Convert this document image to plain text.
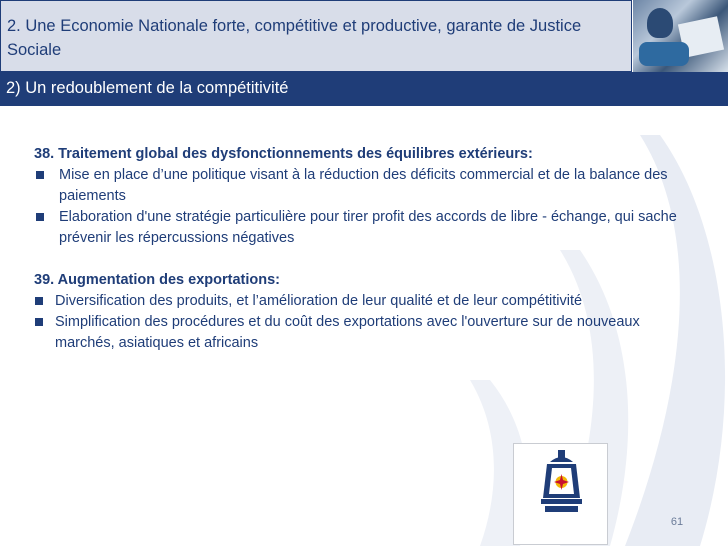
2. Une Economie Nationale forte, compétitive et productive, garante de Justice Sociale
2) Un redoublement de la compétitivité

38. Traitement global des dysfonctionnements des équilibres extérieurs:

Mise en place d’une politique visant à la réduction des déficits commercial et de la balance des paiements
Elaboration d'une stratégie particulière pour tirer profit des accords de libre - échange, qui sache prévenir les répercussions négatives

39. Augmentation des exportations:

Diversification des produits, et l’amélioration de leur qualité et de leur compétitivité
Simplification des procédures et du coût des exportations avec l'ouverture sur de nouveaux marchés, asiatiques et africains
61
